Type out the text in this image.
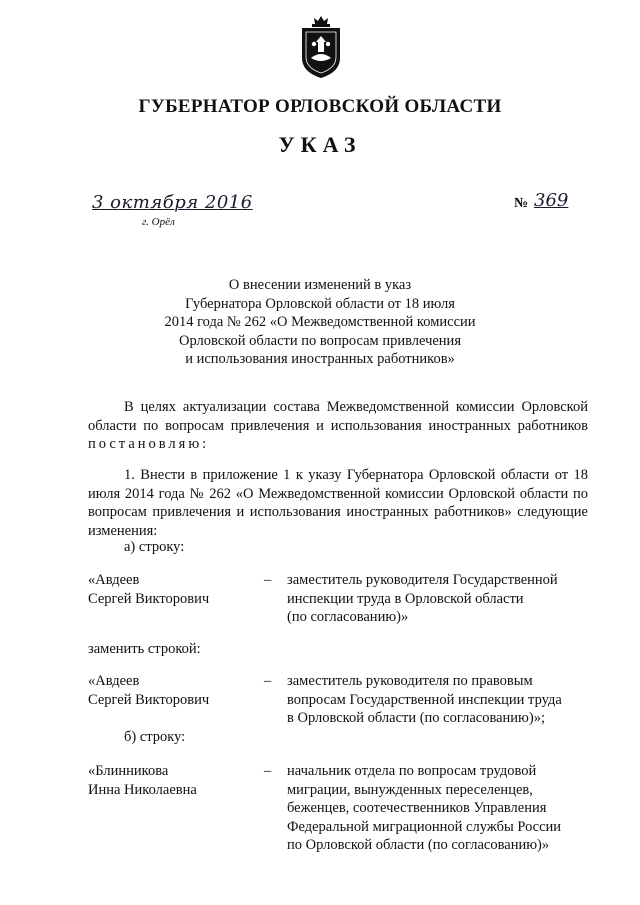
ГУБЕРНАТОР ОРЛОВСКОЙ ОБЛАСТИ
УКАЗ
3 октября 2016
г. Орёл
№ 369
О внесении изменений в указ
Губернатора Орловской области от 18 июля
2014 года № 262 «О Межведомственной комиссии
Орловской области по вопросам привлечения
и использования иностранных работников»
В целях актуализации состава Межведомственной комиссии Орловской области по вопросам привлечения и использования иностранных работников постановляю:
1. Внести в приложение 1 к указу Губернатора Орловской области от 18 июля 2014 года № 262 «О Межведомственной комиссии Орловской области по вопросам привлечения и использования иностранных работников» следующие изменения:
а) строку:
«Авдеев
Сергей Викторович
– заместитель руководителя Государственной
инспекции труда в Орловской области
(по согласованию)»
заменить строкой:
«Авдеев
Сергей Викторович
– заместитель руководителя по правовым
вопросам Государственной инспекции труда
в Орловской области (по согласованию)»;
б) строку:
«Блинникова
Инна Николаевна
– начальник отдела по вопросам трудовой
миграции, вынужденных переселенцев,
беженцев, соотечественников Управления
Федеральной миграционной службы России
по Орловской области (по согласованию)»
